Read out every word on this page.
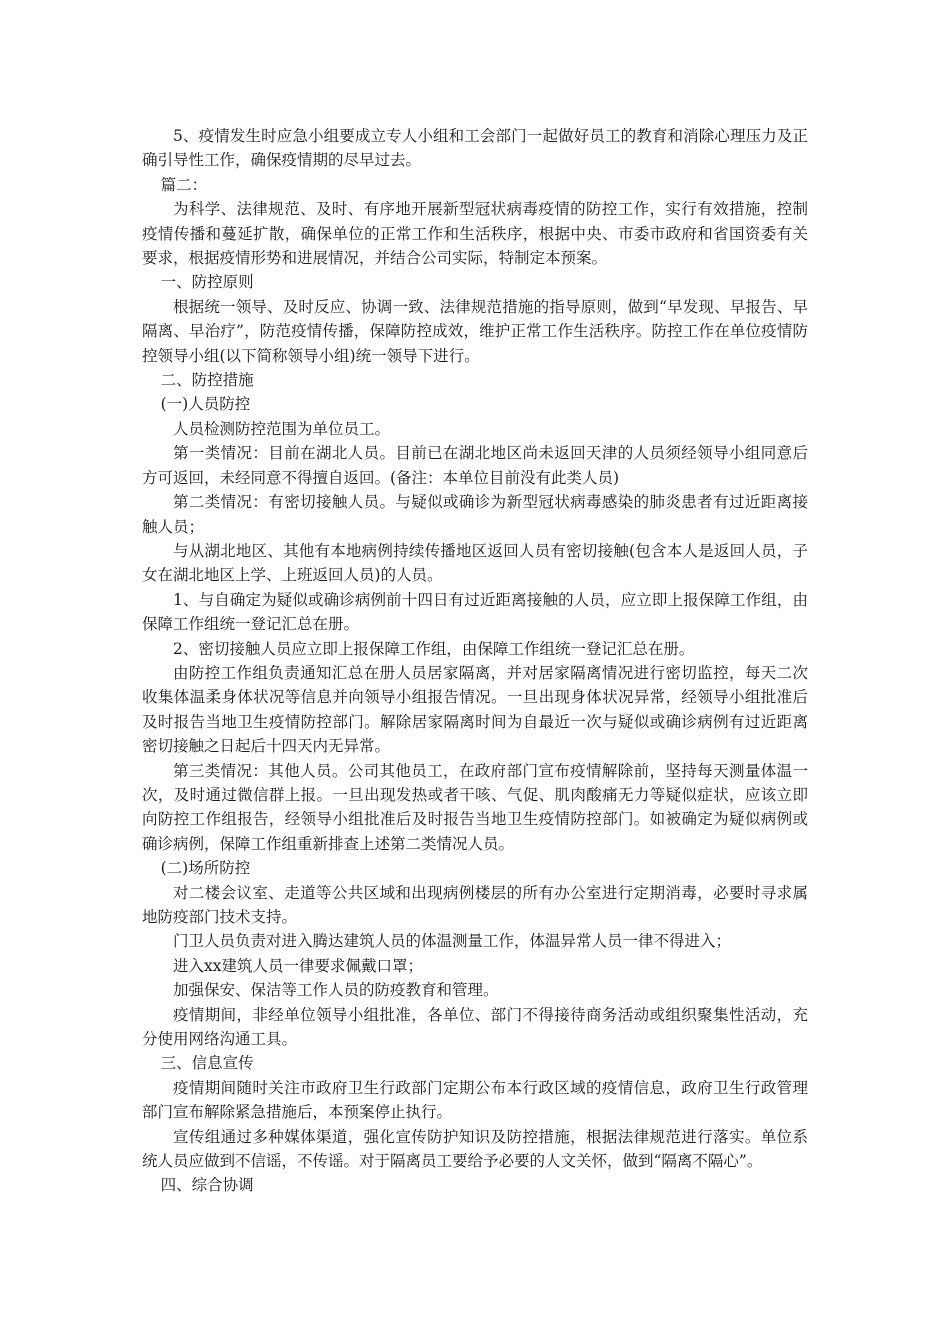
5、疫情发生时应急小组要成立专人小组和工会部门一起做好员工的教育和消除心理压力及正确引导性工作，确保疫情期的尽早过去。

篇二：

为科学、法律规范、及时、有序地开展新型冠状病毒疫情的防控工作，实行有效措施，控制疫情传播和蔓延扩散，确保单位的正常工作和生活秩序，根据中央、市委市政府和省国资委有关要求，根据疫情形势和进展情况，并结合公司实际，特制定本预案。

一、防控原则

根据统一领导、及时反应、协调一致、法律规范措施的指导原则，做到“早发现、早报告、早隔离、早治疗”，防范疫情传播，保障防控成效，维护正常工作生活秩序。防控工作在单位疫情防控领导小组(以下简称领导小组)统一领导下进行。

二、防控措施

(一)人员防控

人员检测防控范围为单位员工。

第一类情况：目前在湖北人员。目前已在湖北地区尚未返回天津的人员须经领导小组同意后方可返回，未经同意不得擅自返回。(备注：本单位目前没有此类人员)

第二类情况：有密切接触人员。与疑似或确诊为新型冠状病毒感染的肺炎患者有过近距离接触人员；

与从湖北地区、其他有本地病例持续传播地区返回人员有密切接触(包含本人是返回人员，子女在湖北地区上学、上班返回人员)的人员。

1、与自确定为疑似或确诊病例前十四日有过近距离接触的人员，应立即上报保障工作组，由保障工作组统一登记汇总在册。

2、密切接触人员应立即上报保障工作组，由保障工作组统一登记汇总在册。

由防控工作组负责通知汇总在册人员居家隔离，并对居家隔离情况进行密切监控，每天二次收集体温柔身体状况等信息并向领导小组报告情况。一旦出现身体状况异常，经领导小组批准后及时报告当地卫生疫情防控部门。解除居家隔离时间为自最近一次与疑似或确诊病例有过近距离密切接触之日起后十四天内无异常。

第三类情况：其他人员。公司其他员工，在政府部门宣布疫情解除前，坚持每天测量体温一次，及时通过微信群上报。一旦出现发热或者干咳、气促、肌肉酸痛无力等疑似症状，应该立即向防控工作组报告，经领导小组批准后及时报告当地卫生疫情防控部门。如被确定为疑似病例或确诊病例，保障工作组重新排查上述第二类情况人员。

(二)场所防控

对二楼会议室、走道等公共区域和出现病例楼层的所有办公室进行定期消毒，必要时寻求属地防疫部门技术支持。

门卫人员负责对进入腾达建筑人员的体温测量工作，体温异常人员一律不得进入；

进入xx建筑人员一律要求佩戴口罩；

加强保安、保洁等工作人员的防疫教育和管理。

疫情期间，非经单位领导小组批准，各单位、部门不得接待商务活动或组织聚集性活动，充分使用网络沟通工具。

三、信息宣传

疫情期间随时关注市政府卫生行政部门定期公布本行政区域的疫情信息，政府卫生行政管理部门宣布解除紧急措施后，本预案停止执行。

宣传组通过多种媒体渠道，强化宣传防护知识及防控措施，根据法律规范进行落实。单位系统人员应做到不信谣，不传谣。对于隔离员工要给予必要的人文关怀，做到“隔离不隔心”。

四、综合协调
